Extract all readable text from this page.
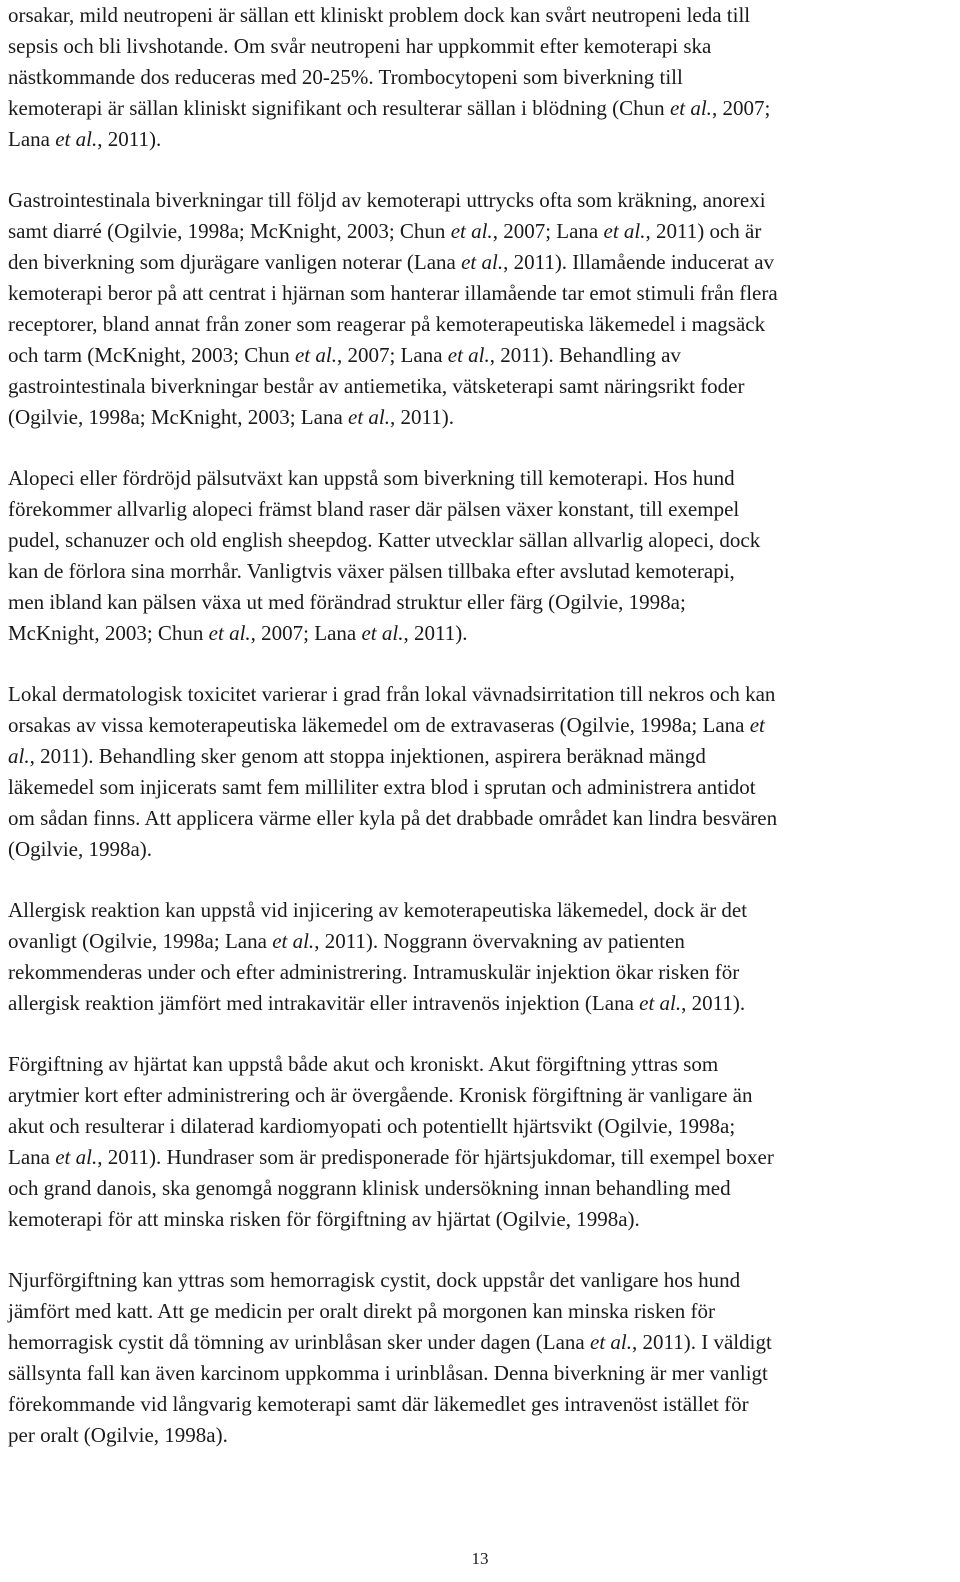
orsakar, mild neutropeni är sällan ett kliniskt problem dock kan svårt neutropeni leda till
sepsis och bli livshotande. Om svår neutropeni har uppkommit efter kemoterapi ska
nästkommande dos reduceras med 20-25%. Trombocytopeni som biverkning till
kemoterapi är sällan kliniskt signifikant och resulterar sällan i blödning (Chun et al., 2007;
Lana et al., 2011).
Gastrointestinala biverkningar till följd av kemoterapi uttrycks ofta som kräkning, anorexi
samt diarré (Ogilvie, 1998a; McKnight, 2003; Chun et al., 2007; Lana et al., 2011) och är
den biverkning som djurägare vanligen noterar (Lana et al., 2011). Illamående inducerat av
kemoterapi beror på att centrat i hjärnan som hanterar illamående tar emot stimuli från flera
receptorer, bland annat från zoner som reagerar på kemoterapeutiska läkemedel i magsäck
och tarm (McKnight, 2003; Chun et al., 2007; Lana et al., 2011). Behandling av
gastrointestinala biverkningar består av antiemetika, vätsketerapi samt näringsrikt foder
(Ogilvie, 1998a; McKnight, 2003; Lana et al., 2011).
Alopeci eller fördröjd pälsutväxt kan uppstå som biverkning till kemoterapi. Hos hund
förekommer allvarlig alopeci främst bland raser där pälsen växer konstant, till exempel
pudel, schanuzer och old english sheepdog. Katter utvecklar sällan allvarlig alopeci, dock
kan de förlora sina morrhår. Vanligtvis växer pälsen tillbaka efter avslutad kemoterapi,
men ibland kan pälsen växa ut med förändrad struktur eller färg (Ogilvie, 1998a;
McKnight, 2003; Chun et al., 2007; Lana et al., 2011).
Lokal dermatologisk toxicitet varierar i grad från lokal vävnadsirritation till nekros och kan
orsakas av vissa kemoterapeutiska läkemedel om de extravaseras (Ogilvie, 1998a; Lana et
al., 2011). Behandling sker genom att stoppa injektionen, aspirera beräknad mängd
läkemedel som injicerats samt fem milliliter extra blod i sprutan och administrera antidot
om sådan finns. Att applicera värme eller kyla på det drabbade området kan lindra besvären
(Ogilvie, 1998a).
Allergisk reaktion kan uppstå vid injicering av kemoterapeutiska läkemedel, dock är det
ovanligt (Ogilvie, 1998a; Lana et al., 2011). Noggrann övervakning av patienten
rekommenderas under och efter administrering. Intramuskulär injektion ökar risken för
allergisk reaktion jämfört med intrakavitär eller intravenös injektion (Lana et al., 2011).
Förgiftning av hjärtat kan uppstå både akut och kroniskt. Akut förgiftning yttras som
arytmier kort efter administrering och är övergående. Kronisk förgiftning är vanligare än
akut och resulterar i dilaterad kardiomyopati och potentiellt hjärtsvikt (Ogilvie, 1998a;
Lana et al., 2011). Hundraser som är predisponerade för hjärtsjukdomar, till exempel boxer
och grand danois, ska genomgå noggrann klinisk undersökning innan behandling med
kemoterapi för att minska risken för förgiftning av hjärtat (Ogilvie, 1998a).
Njurförgiftning kan yttras som hemorragisk cystit, dock uppstår det vanligare hos hund
jämfört med katt. Att ge medicin per oralt direkt på morgonen kan minska risken för
hemorragisk cystit då tömning av urinblåsan sker under dagen (Lana et al., 2011). I väldigt
sällsynta fall kan även karcinom uppkomma i urinblåsan. Denna biverkning är mer vanligt
förekommande vid långvarig kemoterapi samt där läkemedlet ges intravenöst istället för
per oralt (Ogilvie, 1998a).
13
